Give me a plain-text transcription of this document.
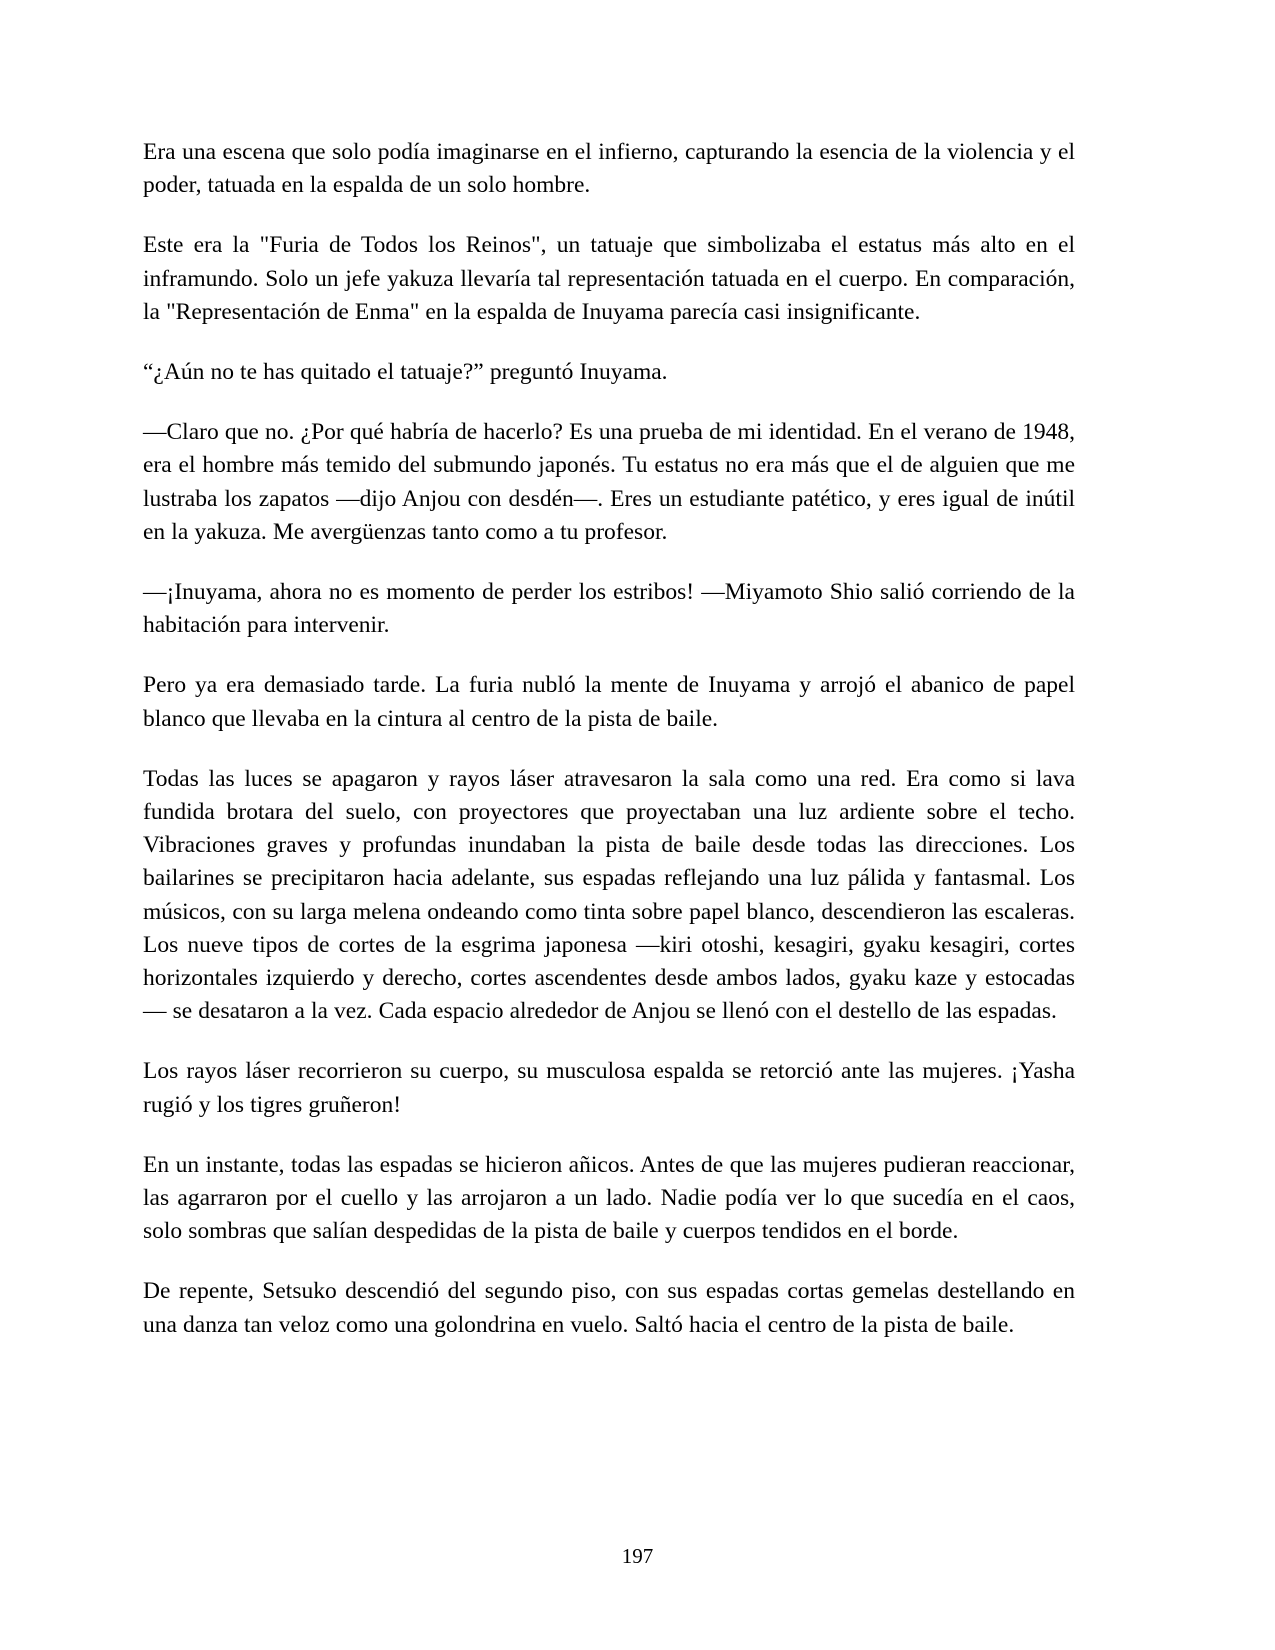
Era una escena que solo podía imaginarse en el infierno, capturando la esencia de la violencia y el poder, tatuada en la espalda de un solo hombre.

Este era la "Furia de Todos los Reinos", un tatuaje que simbolizaba el estatus más alto en el inframundo. Solo un jefe yakuza llevaría tal representación tatuada en el cuerpo. En comparación, la "Representación de Enma" en la espalda de Inuyama parecía casi insignificante.

“¿Aún no te has quitado el tatuaje?” preguntó Inuyama.

—Claro que no. ¿Por qué habría de hacerlo? Es una prueba de mi identidad. En el verano de 1948, era el hombre más temido del submundo japonés. Tu estatus no era más que el de alguien que me lustraba los zapatos —dijo Anjou con desdén—. Eres un estudiante patético, y eres igual de inútil en la yakuza. Me avergüenzas tanto como a tu profesor.

—¡Inuyama, ahora no es momento de perder los estribos! —Miyamoto Shio salió corriendo de la habitación para intervenir.

Pero ya era demasiado tarde. La furia nubló la mente de Inuyama y arrojó el abanico de papel blanco que llevaba en la cintura al centro de la pista de baile.

Todas las luces se apagaron y rayos láser atravesaron la sala como una red. Era como si lava fundida brotara del suelo, con proyectores que proyectaban una luz ardiente sobre el techo. Vibraciones graves y profundas inundaban la pista de baile desde todas las direcciones. Los bailarines se precipitaron hacia adelante, sus espadas reflejando una luz pálida y fantasmal. Los músicos, con su larga melena ondeando como tinta sobre papel blanco, descendieron las escaleras. Los nueve tipos de cortes de la esgrima japonesa —kiri otoshi, kesagiri, gyaku kesagiri, cortes horizontales izquierdo y derecho, cortes ascendentes desde ambos lados, gyaku kaze y estocadas— se desataron a la vez. Cada espacio alrededor de Anjou se llenó con el destello de las espadas.

Los rayos láser recorrieron su cuerpo, su musculosa espalda se retorció ante las mujeres. ¡Yasha rugió y los tigres gruñeron!

En un instante, todas las espadas se hicieron añicos. Antes de que las mujeres pudieran reaccionar, las agarraron por el cuello y las arrojaron a un lado. Nadie podía ver lo que sucedía en el caos, solo sombras que salían despedidas de la pista de baile y cuerpos tendidos en el borde.

De repente, Setsuko descendió del segundo piso, con sus espadas cortas gemelas destellando en una danza tan veloz como una golondrina en vuelo. Saltó hacia el centro de la pista de baile.

197
